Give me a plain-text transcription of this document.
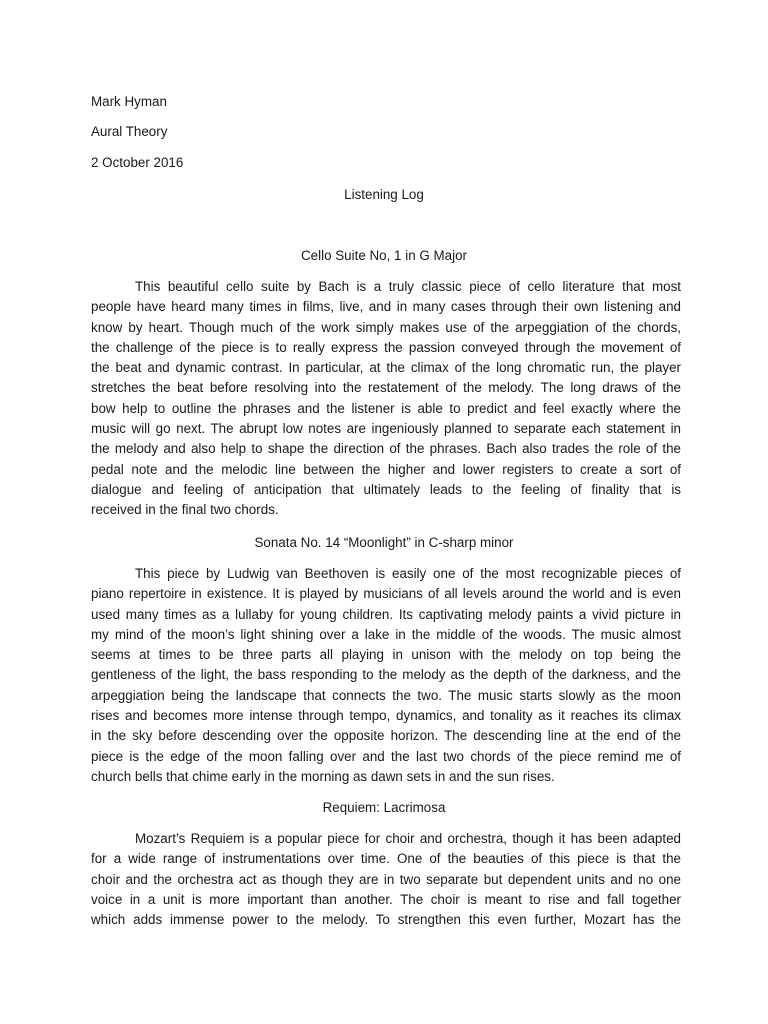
Mark Hyman
Aural Theory
2 October 2016
Listening Log
Cello Suite No, 1 in G Major
This beautiful cello suite by Bach is a truly classic piece of cello literature that most
people have heard many times in films, live, and in many cases through their own listening and
know by heart. Though much of the work simply makes use of the arpeggiation of the chords,
the challenge of the piece is to really express the passion conveyed through the movement of
the beat and dynamic contrast. In particular, at the climax of the long chromatic run, the player
stretches the beat before resolving into the restatement of the melody. The long draws of the
bow help to outline the phrases and the listener is able to predict and feel exactly where the
music will go next. The abrupt low notes are ingeniously planned to separate each statement in
the melody and also help to shape the direction of the phrases. Bach also trades the role of the
pedal note and the melodic line between the higher and lower registers to create a sort of
dialogue and feeling of anticipation that ultimately leads to the feeling of finality that is
received in the final two chords.
Sonata No. 14 “Moonlight” in C-sharp minor
This piece by Ludwig van Beethoven is easily one of the most recognizable pieces of
piano repertoire in existence. It is played by musicians of all levels around the world and is even
used many times as a lullaby for young children. Its captivating melody paints a vivid picture in
my mind of the moon’s light shining over a lake in the middle of the woods. The music almost
seems at times to be three parts all playing in unison with the melody on top being the
gentleness of the light, the bass responding to the melody as the depth of the darkness, and the
arpeggiation being the landscape that connects the two. The music starts slowly as the moon
rises and becomes more intense through tempo, dynamics, and tonality as it reaches its climax
in the sky before descending over the opposite horizon. The descending line at the end of the
piece is the edge of the moon falling over and the last two chords of the piece remind me of
church bells that chime early in the morning as dawn sets in and the sun rises.
Requiem: Lacrimosa
Mozart’s Requiem is a popular piece for choir and orchestra, though it has been adapted
for a wide range of instrumentations over time. One of the beauties of this piece is that the
choir and the orchestra act as though they are in two separate but dependent units and no one
voice in a unit is more important than another. The choir is meant to rise and fall together
which adds immense power to the melody. To strengthen this even further, Mozart has the
